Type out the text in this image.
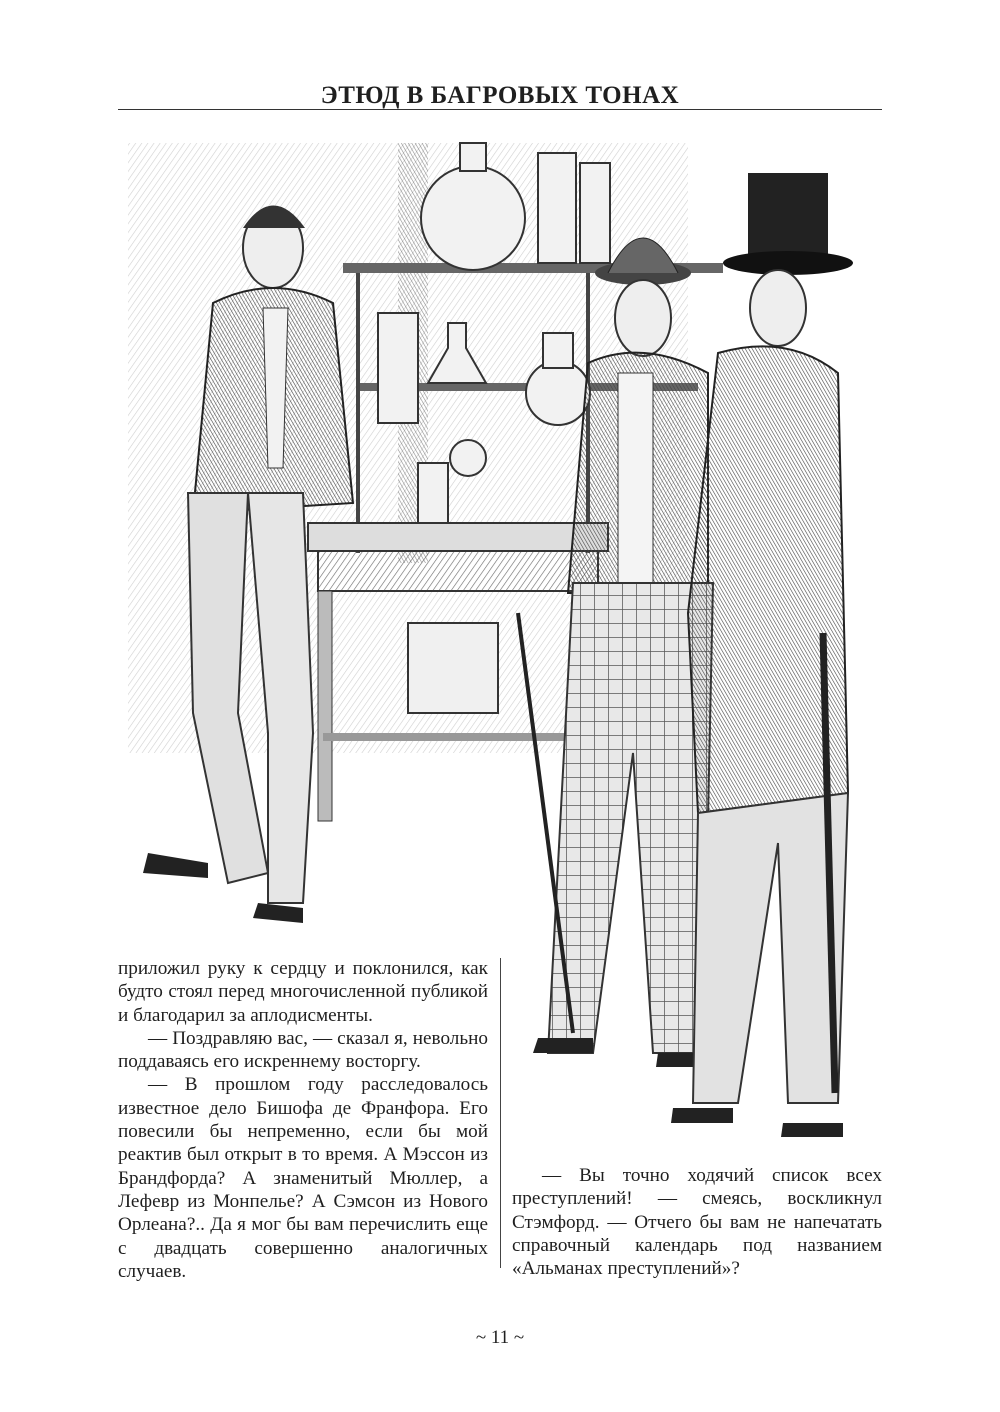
ЭТЮД В БАГРОВЫХ ТОНАХ

приложил руку к сердцу и поклонился, как будто стоял перед многочисленной публикой и благодарил за аплодисменты.

— Поздравляю вас, — сказал я, невольно поддаваясь его искреннему восторгу.

— В прошлом году расследовалось известное дело Бишофа де Франфора. Его повесили бы непременно, если бы мой реактив был открыт в то время. А Мэссон из Брандфорда? А знаменитый Мюллер, а Лефевр из Монпелье? А Сэмсон из Нового Орлеана?.. Да я мог бы вам перечислить еще с двадцать совершенно аналогичных случаев.

— Вы точно ходячий список всех преступлений! — смеясь, воскликнул Стэмфорд. — Отчего бы вам не напечатать справочный календарь под названием «Альманах преступлений»?

~ 11 ~
